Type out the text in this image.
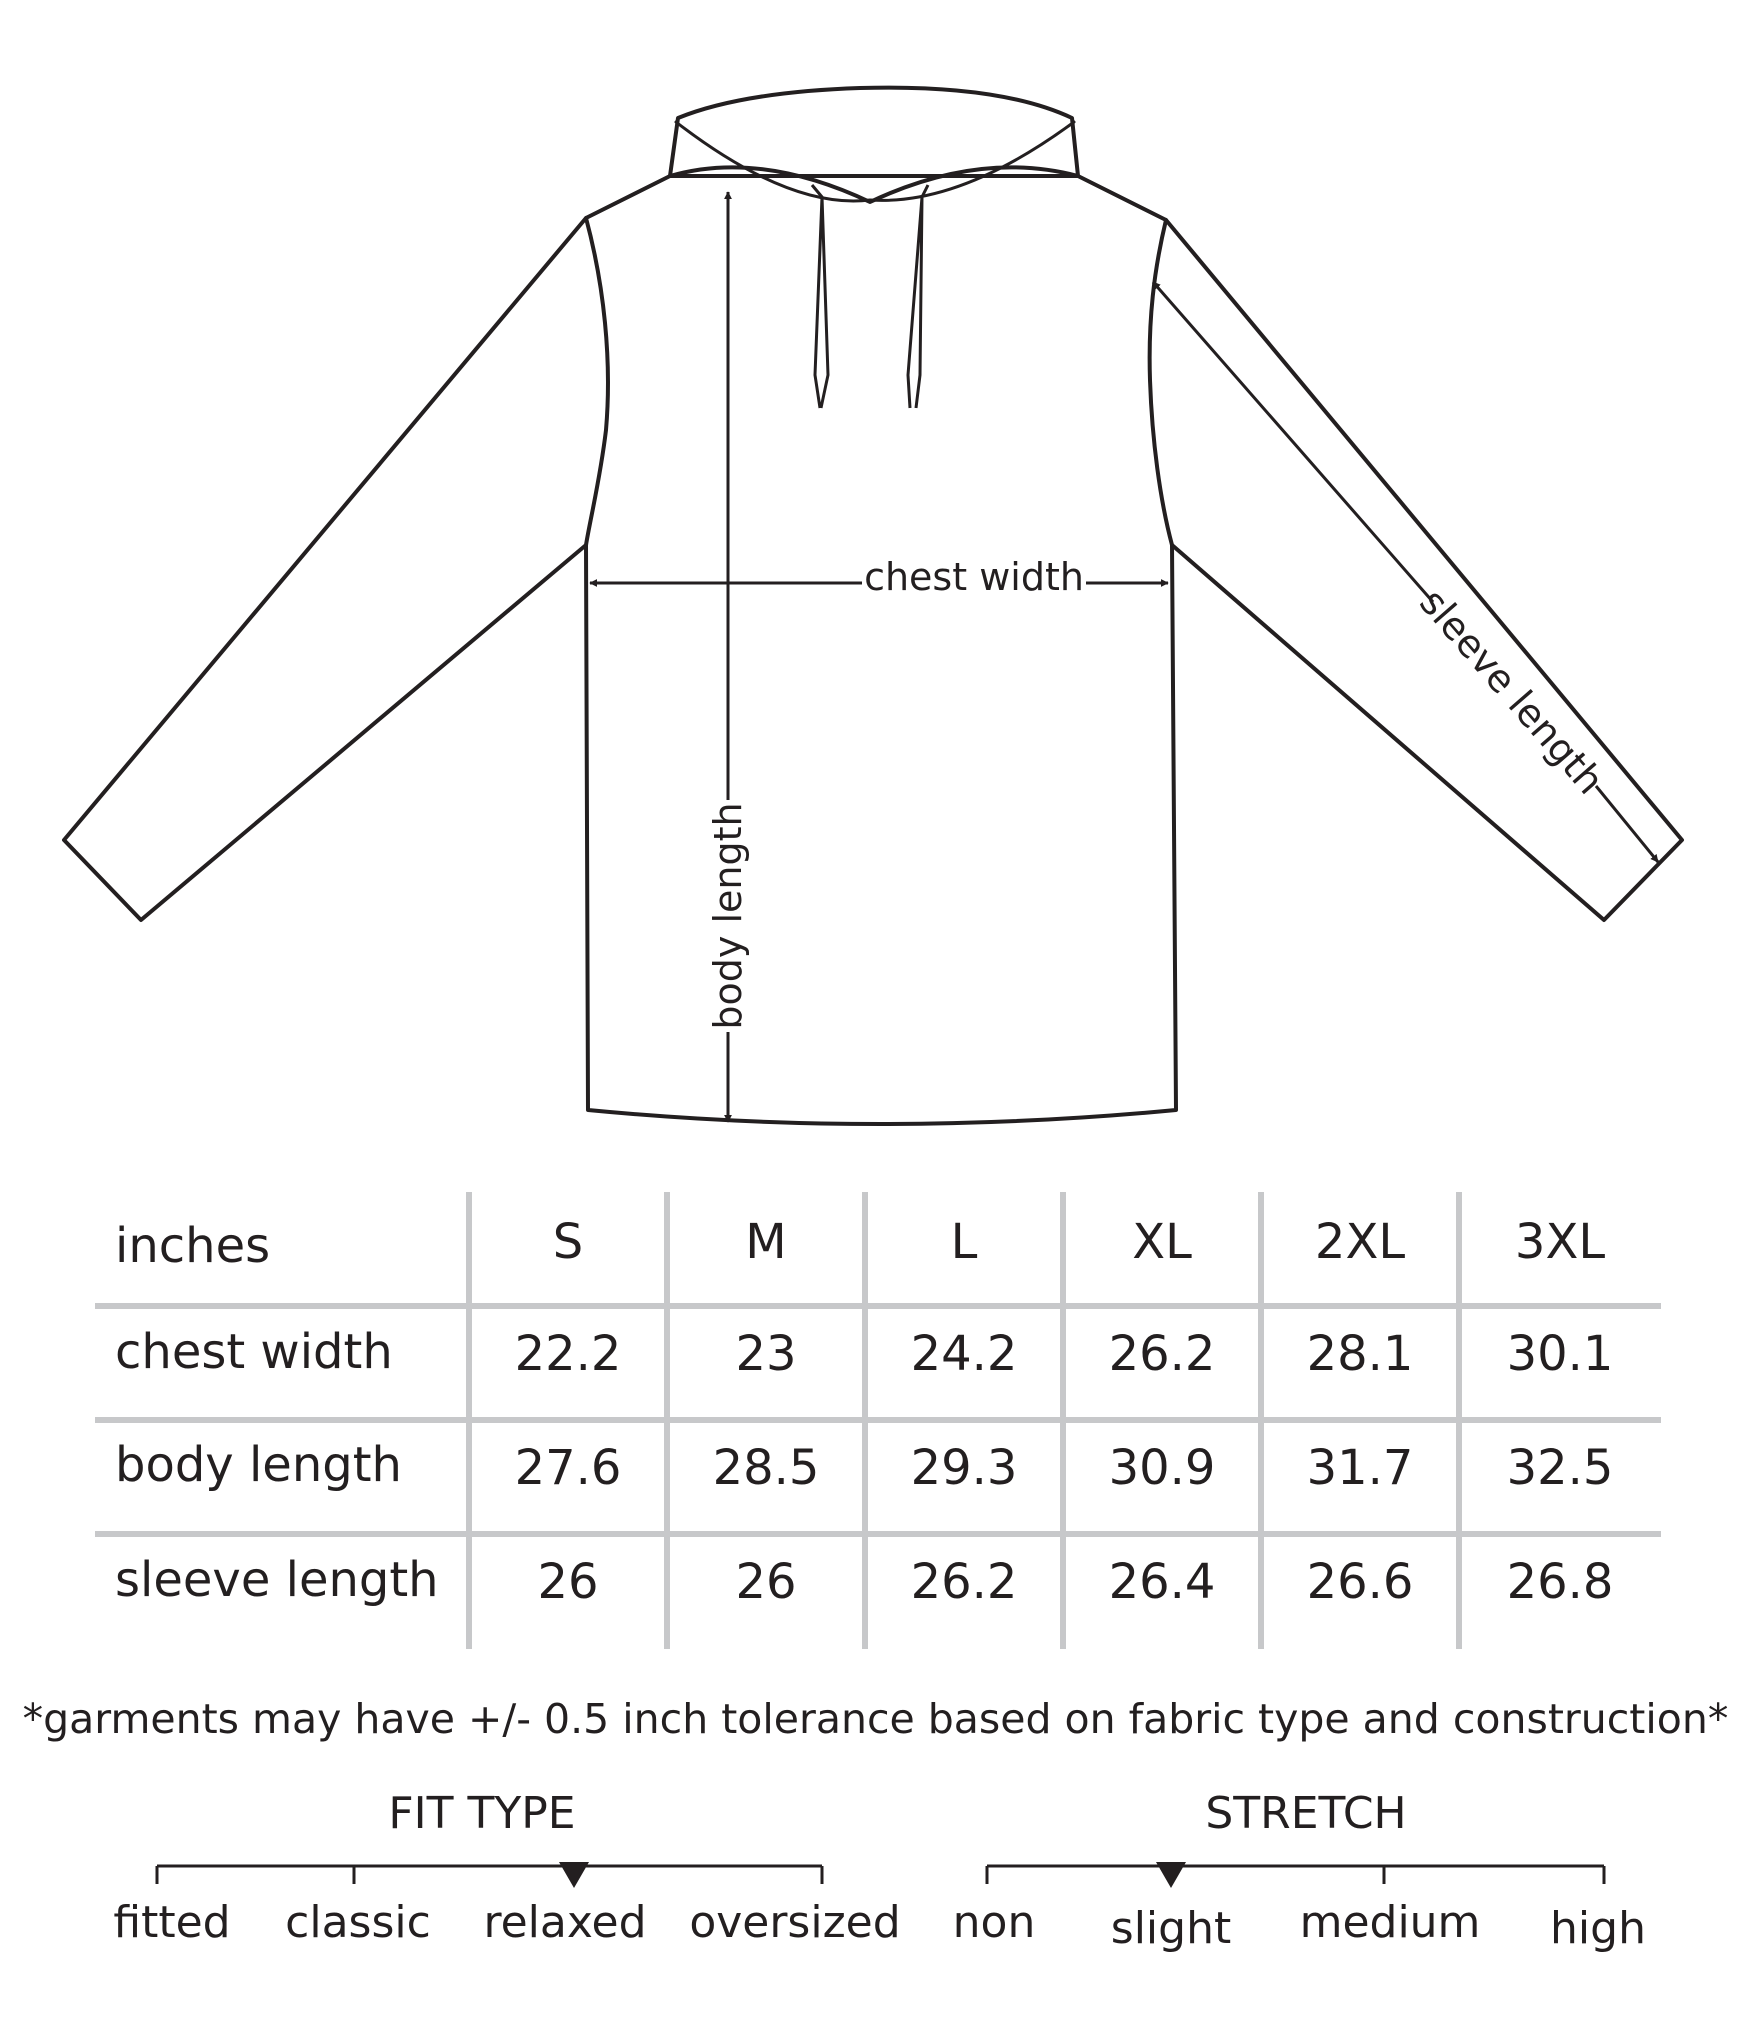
chest width
body length
sleeve length
inches	S	M	L	XL	2XL 3XL
chest width	22.2 23 24.2 26.2 28.1 30.1
body length 27.6 28.5 29.3 30.9 31.7 32.5
sleeve length 26	26 26.2 26.4 26.6 26.8
*garments may have +/- 0.5 inch tolerance based on fabric type and construction*
FIT TYPE
fitted	classic	relaxed oversized
STRETCH
non	slight	medium	high
